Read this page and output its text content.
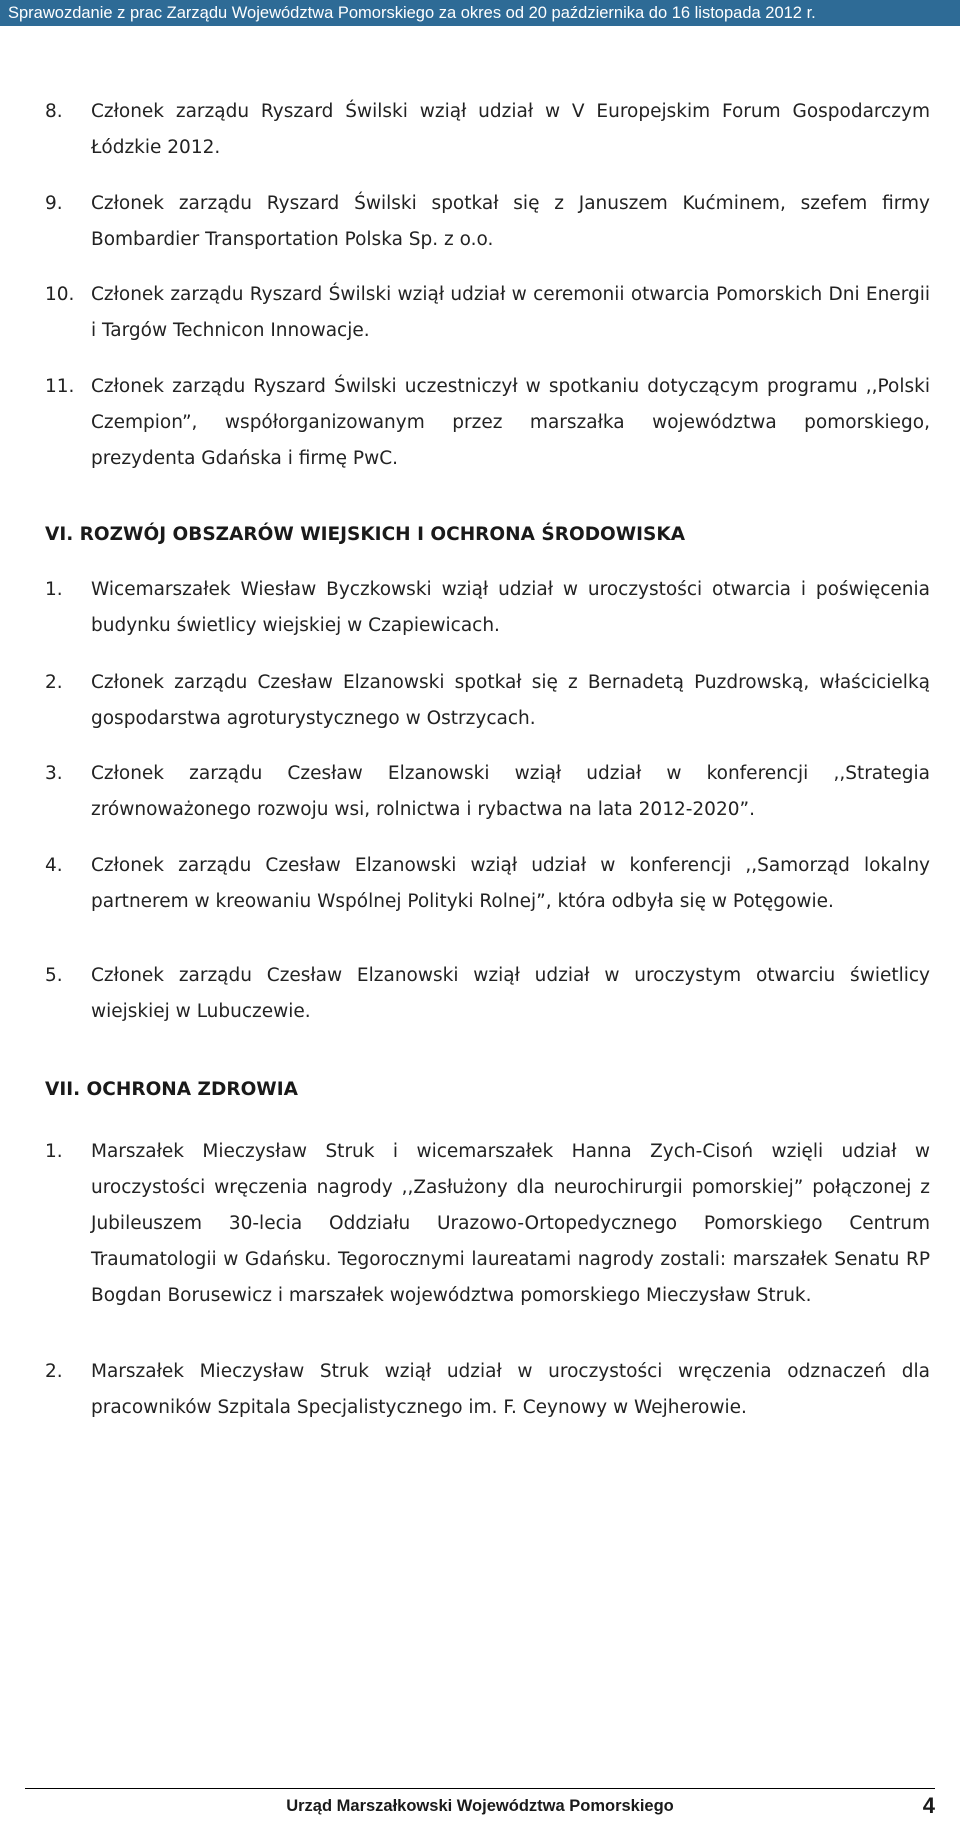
Sprawozdanie z prac Zarządu Województwa Pomorskiego za okres od 20 października do 16 listopada 2012 r.
8. Członek zarządu Ryszard Świlski wziął udział w V Europejskim Forum Gospodarczym Łódzkie 2012.
9. Członek zarządu Ryszard Świlski spotkał się z Januszem Kućminem, szefem firmy Bombardier Transportation Polska Sp. z o.o.
10. Członek zarządu Ryszard Świlski wziął udział w ceremonii otwarcia Pomorskich Dni Energii i Targów Technicon Innowacje.
11. Członek zarządu Ryszard Świlski uczestniczył w spotkaniu dotyczącym programu ,,Polski Czempion”, współorganizowanym przez marszałka województwa pomorskiego, prezydenta Gdańska i firmę PwC.
VI. ROZWÓJ OBSZARÓW WIEJSKICH I OCHRONA ŚRODOWISKA
1. Wicemarszałek Wiesław Byczkowski wziął udział w uroczystości otwarcia i poświęcenia budynku świetlicy wiejskiej w Czapiewicach.
2. Członek zarządu Czesław Elzanowski spotkał się z Bernadetą Puzdrowską, właścicielką gospodarstwa agroturystycznego w Ostrzycach.
3. Członek zarządu Czesław Elzanowski wziął udział w konferencji ,,Strategia zrównoważonego rozwoju wsi, rolnictwa i rybactwa na lata 2012-2020”.
4. Członek zarządu Czesław Elzanowski wziął udział w konferencji ,,Samorząd lokalny partnerem w kreowaniu Wspólnej Polityki Rolnej”, która odbyła się w Potęgowie.
5. Członek zarządu Czesław Elzanowski wziął udział w uroczystym otwarciu świetlicy wiejskiej w Lubuczewie.
VII. OCHRONA ZDROWIA
1. Marszałek Mieczysław Struk i wicemarszałek Hanna Zych-Cisoń wzięli udział w uroczystości wręczenia nagrody ,,Zasłużony dla neurochirurgii pomorskiej” połączonej z Jubileuszem 30-lecia Oddziału Urazowo-Ortopedycznego Pomorskiego Centrum Traumatologii w Gdańsku. Tegorocznymi laureatami nagrody zostali: marszałek Senatu RP Bogdan Borusewicz i marszałek województwa pomorskiego Mieczysław Struk.
2. Marszałek Mieczysław Struk wziął udział w uroczystości wręczenia odznaczeń dla pracowników Szpitala Specjalistycznego im. F. Ceynowy w Wejherowie.
Urząd Marszałkowski Województwa Pomorskiego	4
